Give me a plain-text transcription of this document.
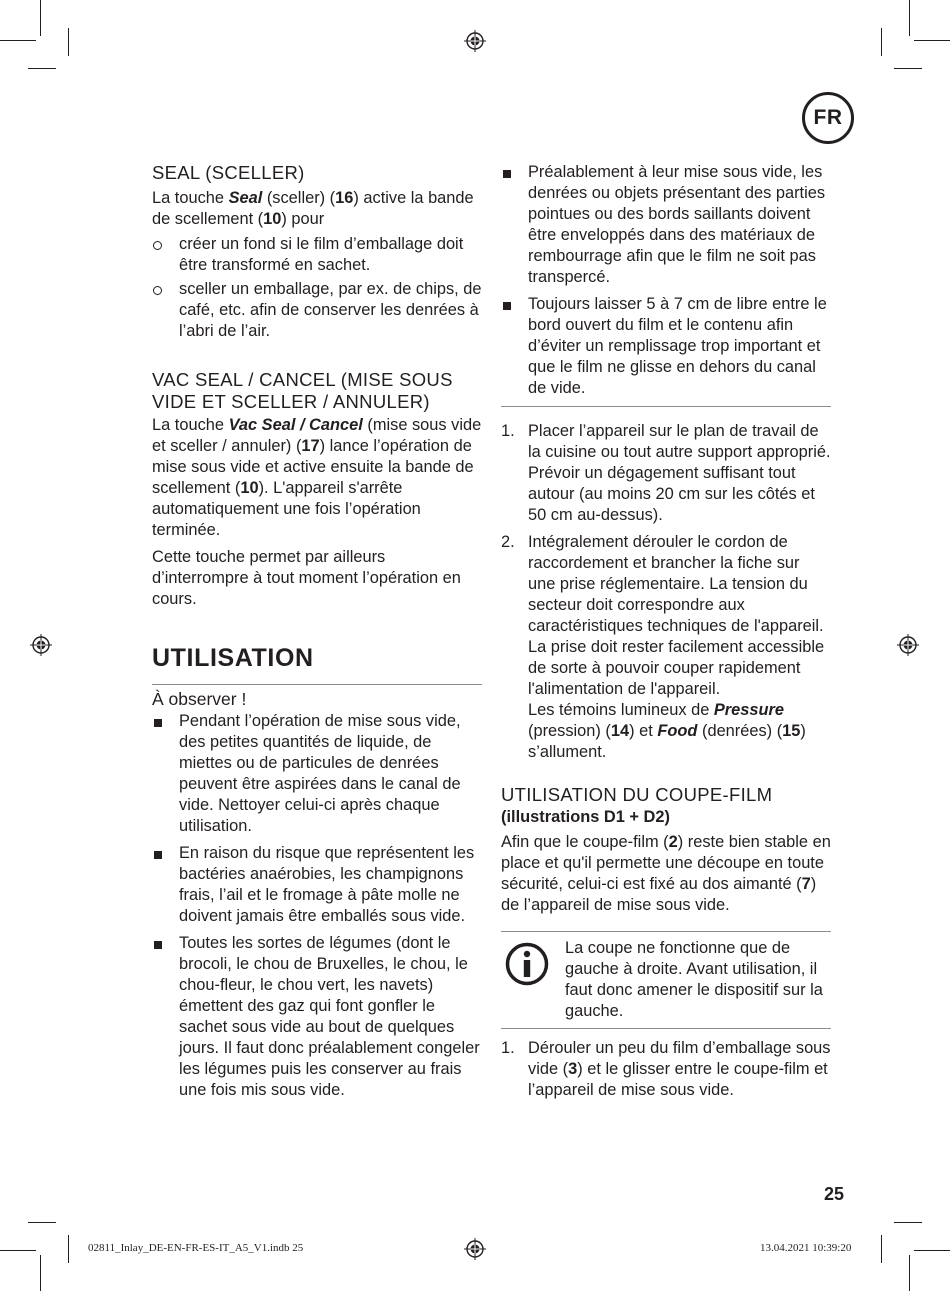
FR
SEAL (SCELLER)

La touche Seal (sceller) (16) active la bande de scellement (10) pour

créer un fond si le film d’emballage doit être transformé en sachet.
sceller un emballage, par ex. de chips, de café, etc. afin de conserver les denrées à l’abri de l’air.
VAC SEAL / CANCEL (MISE SOUS
VIDE ET SCELLER / ANNULER)

La touche Vac Seal / Cancel (mise sous vide et sceller / annuler) (17) lance l’opération de mise sous vide et active ensuite la bande de scellement (10). L'appareil s'arrête automatiquement une fois l’opération terminée.

Cette touche permet par ailleurs d’interrompre à tout moment l’opération en cours.

UTILISATION

À observer !

Pendant l’opération de mise sous vide, des petites quantités de liquide, de miettes ou de particules de denrées peuvent être aspirées dans le canal de vide. Nettoyer celui-ci après chaque utilisation.
En raison du risque que représentent les bactéries anaérobies, les champignons frais, l’ail et le fromage à pâte molle ne doivent jamais être emballés sous vide.
Toutes les sortes de légumes (dont le brocoli, le chou de Bruxelles, le chou, le chou-fleur, le chou vert, les navets) émettent des gaz qui font gonfler le sachet sous vide au bout de quelques jours. Il faut donc préalablement congeler les légumes puis les conserver au frais une fois mis sous vide.
Préalablement à leur mise sous vide, les denrées ou objets présentant des parties pointues ou des bords saillants doivent être enveloppés dans des matériaux de rembourrage afin que le film ne soit pas transpercé.
Toujours laisser 5 à 7 cm de libre entre le bord ouvert du film et le contenu afin d’éviter un remplissage trop important et que le film ne glisse en dehors du canal de vide.
1. Placer l’appareil sur le plan de travail de la cuisine ou tout autre support approprié. Prévoir un dégagement suffisant tout autour (au moins 20 cm sur les côtés et 50 cm au-dessus).
2. Intégralement dérouler le cordon de raccordement et brancher la fiche sur une prise réglementaire. La tension du secteur doit correspondre aux caractéristiques techniques de l'appareil.
La prise doit rester facilement accessible de sorte à pouvoir couper rapidement l'alimentation de l'appareil.
Les témoins lumineux de Pressure (pression) (14) et Food (denrées) (15) s’allument.
UTILISATION DU COUPE-FILM

(illustrations D1 + D2)

Afin que le coupe-film (2) reste bien stable en place et qu'il permette une découpe en toute sécurité, celui-ci est fixé au dos aimanté (7) de l’appareil de mise sous vide.

La coupe ne fonctionne que de gauche à droite. Avant utilisation, il faut donc amener le dispositif sur la gauche.

1. Dérouler un peu du film d’emballage sous vide (3) et le glisser entre le coupe-film et l’appareil de mise sous vide.
25
02811_Inlay_DE-EN-FR-ES-IT_A5_V1.indb 25	13.04.2021 10:39:20
